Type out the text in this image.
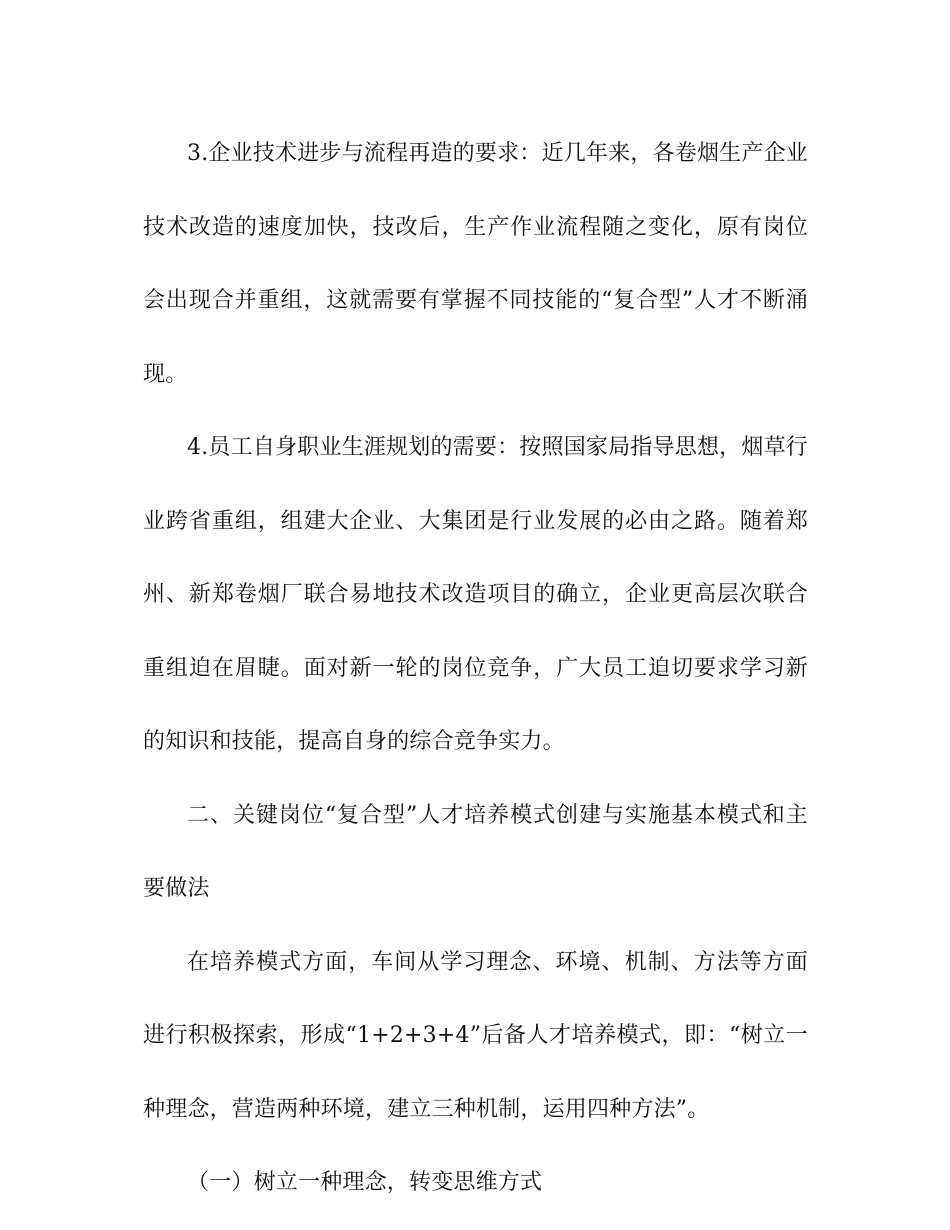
3.企业技术进步与流程再造的要求：近几年来，各卷烟生产企业技术改造的速度加快，技改后，生产作业流程随之变化，原有岗位会出现合并重组，这就需要有掌握不同技能的“复合型”人才不断涌现。

4.员工自身职业生涯规划的需要：按照国家局指导思想，烟草行业跨省重组，组建大企业、大集团是行业发展的必由之路。随着郑州、新郑卷烟厂联合易地技术改造项目的确立，企业更高层次联合重组迫在眉睫。面对新一轮的岗位竞争，广大员工迫切要求学习新的知识和技能，提高自身的综合竞争实力。

二、关键岗位“复合型”人才培养模式创建与实施基本模式和主要做法

在培养模式方面，车间从学习理念、环境、机制、方法等方面进行积极探索，形成“1+2+3+4”后备人才培养模式，即：“树立一种理念，营造两种环境，建立三种机制，运用四种方法”。

（一）树立一种理念，转变思维方式
